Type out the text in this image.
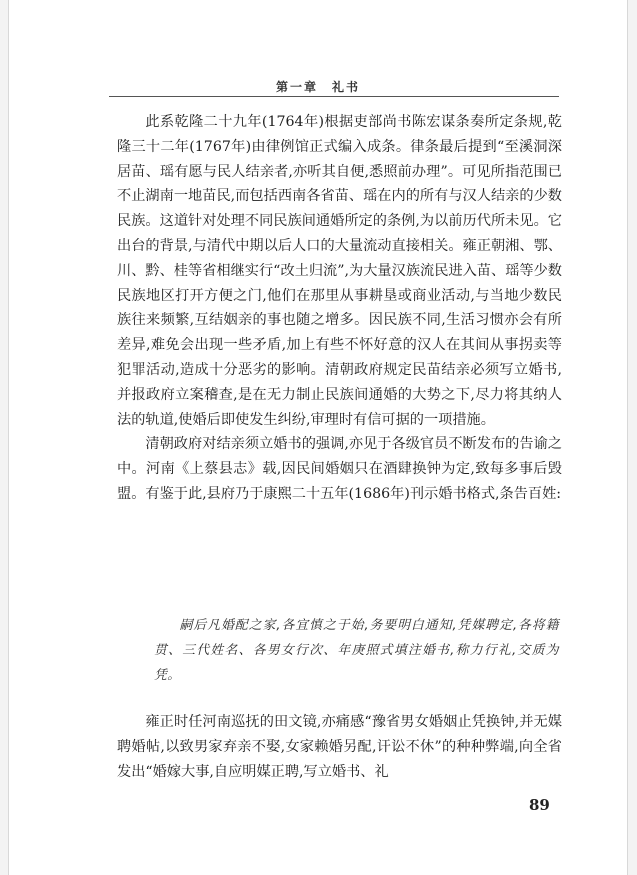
第一章　礼书

此系乾隆二十九年(1764年)根据吏部尚书陈宏谋条奏所定条规,乾隆三十二年(1767年)由律例馆正式编入成条。律条最后提到“至溪洞深居苗、瑶有愿与民人结亲者,亦听其自便,悉照前办理”。可见所指范围已不止湖南一地苗民,而包括西南各省苗、瑶在内的所有与汉人结亲的少数民族。这道针对处理不同民族间通婚所定的条例,为以前历代所未见。它出台的背景,与清代中期以后人口的大量流动直接相关。雍正朝湘、鄂、川、黔、桂等省相继实行“改土归流”,为大量汉族流民进入苗、瑶等少数民族地区打开方便之门,他们在那里从事耕垦或商业活动,与当地少数民族往来频繁,互结姻亲的事也随之增多。因民族不同,生活习惯亦会有所差异,难免会出现一些矛盾,加上有些不怀好意的汉人在其间从事拐卖等犯罪活动,造成十分恶劣的影响。清朝政府规定民苗结亲必须写立婚书,并报政府立案稽查,是在无力制止民族间通婚的大势之下,尽力将其纳人法的轨道,使婚后即使发生纠纷,审理时有信可据的一项措施。

清朝政府对结亲须立婚书的强调,亦见于各级官员不断发布的告谕之中。河南《上蔡县志》载,因民间婚姻只在酒肆换钟为定,致每多事后毁盟。有鉴于此,县府乃于康熙二十五年(1686年)刊示婚书格式,条告百姓:

嗣后凡婚配之家,各宜慎之于始,务要明白通知,凭媒聘定,各将籍贯、三代姓名、各男女行次、年庚照式填注婚书,称力行礼,交质为凭。

雍正时任河南巡抚的田文镜,亦痛感“豫省男女婚姻止凭换钟,并无媒聘婚帖,以致男家弃亲不娶,女家赖婚另配,讦讼不休”的种种弊端,向全省发出“婚嫁大事,自应明媒正聘,写立婚书、礼

89
